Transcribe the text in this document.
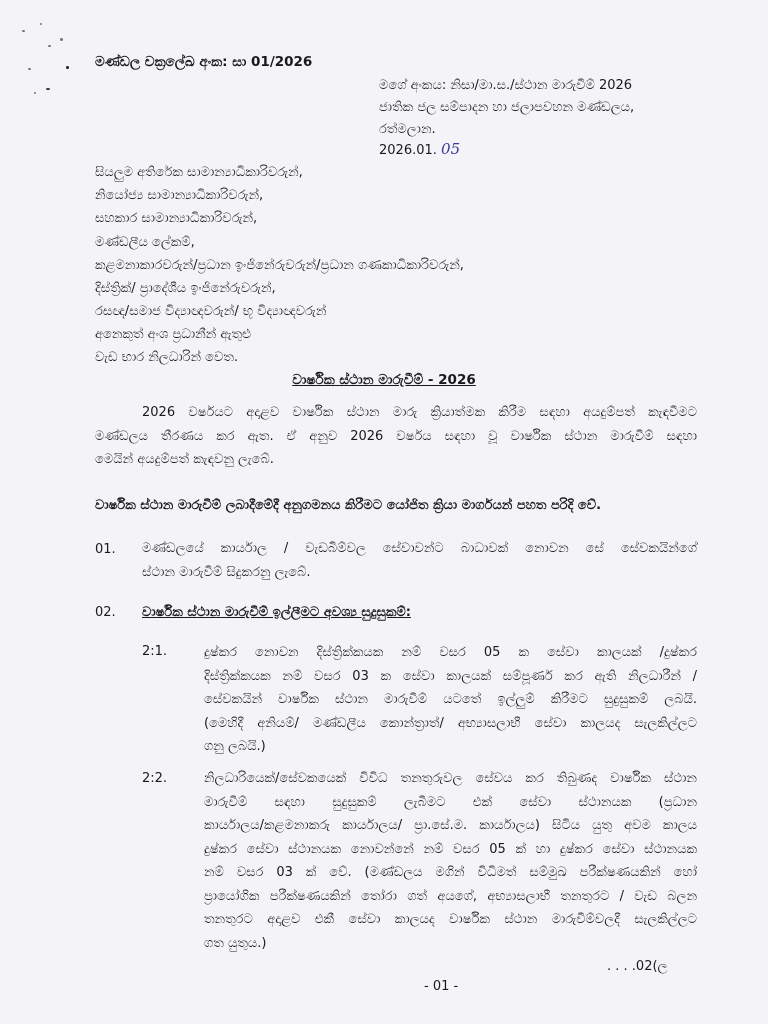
මණ්ඩල චක්‍රලේඛ අංක: සා 01/2026
මගේ අංකය: නිසා/මා.ස./ස්ථාන මාරුවීම් 2026
ජාතික ජල සම්පාදන හා ජලාපවහන මණ්ඩලය,
රත්මලාන.
2026.01. 05
සියලුම අතිරේක සාමාන්‍යාධිකාරිවරුන්,
නියෝජ්‍ය සාමාන්‍යාධිකාරිවරුන්,
සහකාර සාමාන්‍යාධිකාරිවරුන්,
මණ්ඩලීය ලේකම්,
කළමනාකාරවරුන්/ප්‍රධාන ඉංජිනේරුවරුන්/ප්‍රධාන ගණකාධිකාරිවරුන්,
දිස්ත්‍රික්/ ප්‍රාදේශීය ඉංජිනේරුවරුන්,
රසඥ/සමාජ විද්‍යාඥවරුන්/ භූ විද්‍යාඥවරුන්
අනෙකුත් අංශ ප්‍රධානීන් ඇතුළු
වැඩ භාර නිලධාරින් වෙත.
වාර්ෂික ස්ථාන මාරුවීම් - 2026
2026 වර්ෂයට අදාළව වාර්ෂික ස්ථාන මාරු ක්‍රියාත්මක කිරීම සඳහා අයදුම්පත් කැඳවීමට
මණ්ඩලය තීරණය කර ඇත. ඒ අනුව 2026 වර්ෂය සඳහා වූ වාර්ෂික ස්ථාන මාරුවීම් සඳහා
මෙයින් අයදුම්පත් කැඳවනු ලැබේ.
වාර්ෂික ස්ථාන මාරුවීම් ලබාදීමේදී අනුගමනය කිරීමට යෝජිත ක්‍රියා මාර්ගයන් පහත පරිදි වේ.
01. මණ්ඩලයේ කාර්යාල / වැඩබිම්වල සේවාවන්ට බාධාවක් නොවන සේ සේවකයින්ගේ
ස්ථාන මාරුවීම් සිදුකරනු ලැබේ.
02. වාර්ෂික ස්ථාන මාරුවීම් ඉල්ලීමට අවශ්‍ය සුදුසුකම්:
2:1.	දුෂ්කර නොවන දිස්ත්‍රික්කයක නම් වසර 05 ක සේවා කාලයක් /දුෂ්කර
දිස්ත්‍රික්කයක නම් වසර 03 ක සේවා කාලයක් සම්පූර්ණ කර ඇති නිලධාරීන් /
සේවකයින් වාර්ෂික ස්ථාන මාරුවීම් යටතේ ඉල්ලුම් කිරීමට සුදුසුකම් ලබයි.
(මෙහිදී අනියම්/ මණ්ඩලීය කොන්ත්‍රාත්/ අභ්‍යාසලාභී සේවා කාලයද සැලකිල්ලට
ගනු ලබයි.)
2:2.	නිලධාරියෙක්/සේවකයෙක් විවිධ තනතුරුවල සේවය කර තිබුණද වාර්ෂික ස්ථාන
මාරුවීම් සඳහා සුදුසුකම් ලැබීමට එක් සේවා ස්ථානයක (ප්‍රධාන
කාර්යාලය/කළමනාකරු කාර්යාලය/ ප්‍රා.සේ.ම. කාර්යාලය) සිටිය යුතු අවම කාලය
දුෂ්කර සේවා ස්ථානයක නොවන්නේ නම් වසර 05 ක් හා දුෂ්කර සේවා ස්ථානයක
නම් වසර 03 ක් වේ. (මණ්ඩලය මගින් විධිමත් සම්මුඛ පරීක්ෂණයකින් හෝ
ප්‍රායෝගික පරීක්ෂණයකින් තෝරා ගත් අයගේ, අභ්‍යාසලාභී තනතුරට / වැඩ බලන
තනතුරට අදාළව එකී සේවා කාලයද වාර්ෂික ස්ථාන මාරුවීම්වලදී සැලකිල්ලට
ගත යුතුය.)
. . . .02(ල
- 01 -
